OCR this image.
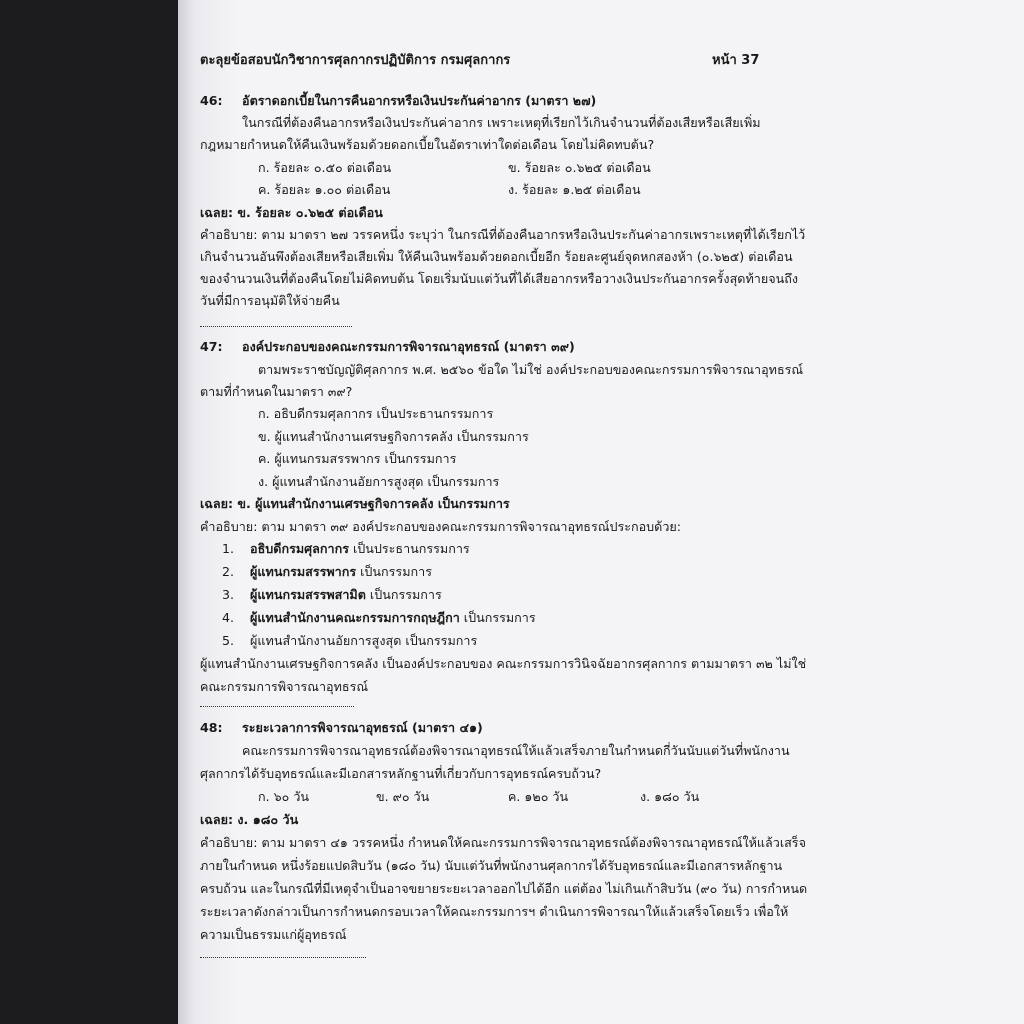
ตะลุยข้อสอบนักวิชาการศุลกากรปฏิบัติการ กรมศุลกากร	หน้า 37
46: อัตราดอกเบี้ยในการคืนอากรหรือเงินประกันค่าอากร (มาตรา ๒๗)
ในกรณีที่ต้องคืนอากรหรือเงินประกันค่าอากร เพราะเหตุที่เรียกไว้เกินจำนวนที่ต้องเสียหรือเสียเพิ่ม
กฎหมายกำหนดให้คืนเงินพร้อมด้วยดอกเบี้ยในอัตราเท่าใดต่อเดือน โดยไม่คิดทบต้น?
ก. ร้อยละ ๐.๕๐ ต่อเดือน	ข. ร้อยละ ๐.๖๒๕ ต่อเดือน
ค. ร้อยละ ๑.๐๐ ต่อเดือน	ง. ร้อยละ ๑.๒๕ ต่อเดือน
เฉลย: ข. ร้อยละ ๐.๖๒๕ ต่อเดือน
คำอธิบาย: ตาม มาตรา ๒๗ วรรคหนึ่ง ระบุว่า ในกรณีที่ต้องคืนอากรหรือเงินประกันค่าอากรเพราะเหตุที่ได้เรียกไว้
เกินจำนวนอันพึงต้องเสียหรือเสียเพิ่ม ให้คืนเงินพร้อมด้วยดอกเบี้ยอีก ร้อยละศูนย์จุดหกสองห้า (๐.๖๒๕) ต่อเดือน
ของจำนวนเงินที่ต้องคืนโดยไม่คิดทบต้น โดยเริ่มนับแต่วันที่ได้เสียอากรหรือวางเงินประกันอากรครั้งสุดท้ายจนถึง
วันที่มีการอนุมัติให้จ่ายคืน
47: องค์ประกอบของคณะกรรมการพิจารณาอุทธรณ์ (มาตรา ๓๙)
ตามพระราชบัญญัติศุลกากร พ.ศ. ๒๕๖๐ ข้อใด ไม่ใช่ องค์ประกอบของคณะกรรมการพิจารณาอุทธรณ์
ตามที่กำหนดในมาตรา ๓๙?
ก. อธิบดีกรมศุลกากร เป็นประธานกรรมการ
ข. ผู้แทนสำนักงานเศรษฐกิจการคลัง เป็นกรรมการ
ค. ผู้แทนกรมสรรพากร เป็นกรรมการ
ง. ผู้แทนสำนักงานอัยการสูงสุด เป็นกรรมการ
เฉลย: ข. ผู้แทนสำนักงานเศรษฐกิจการคลัง เป็นกรรมการ
คำอธิบาย: ตาม มาตรา ๓๙ องค์ประกอบของคณะกรรมการพิจารณาอุทธรณ์ประกอบด้วย:
1. อธิบดีกรมศุลกากร เป็นประธานกรรมการ
2. ผู้แทนกรมสรรพากร เป็นกรรมการ
3. ผู้แทนกรมสรรพสามิต เป็นกรรมการ
4. ผู้แทนสำนักงานคณะกรรมการกฤษฎีกา เป็นกรรมการ
5. ผู้แทนสำนักงานอัยการสูงสุด เป็นกรรมการ
ผู้แทนสำนักงานเศรษฐกิจการคลัง เป็นองค์ประกอบของ คณะกรรมการวินิจฉัยอากรศุลกากร ตามมาตรา ๓๒ ไม่ใช่
คณะกรรมการพิจารณาอุทธรณ์
48: ระยะเวลาการพิจารณาอุทธรณ์ (มาตรา ๔๑)
คณะกรรมการพิจารณาอุทธรณ์ต้องพิจารณาอุทธรณ์ให้แล้วเสร็จภายในกำหนดกี่วันนับแต่วันที่พนักงาน
ศุลกากรได้รับอุทธรณ์และมีเอกสารหลักฐานที่เกี่ยวกับการอุทธรณ์ครบถ้วน?
ก. ๖๐ วัน	ข. ๙๐ วัน	ค. ๑๒๐ วัน	ง. ๑๘๐ วัน
เฉลย: ง. ๑๘๐ วัน
คำอธิบาย: ตาม มาตรา ๔๑ วรรคหนึ่ง กำหนดให้คณะกรรมการพิจารณาอุทธรณ์ต้องพิจารณาอุทธรณ์ให้แล้วเสร็จ
ภายในกำหนด หนึ่งร้อยแปดสิบวัน (๑๘๐ วัน) นับแต่วันที่พนักงานศุลกากรได้รับอุทธรณ์และมีเอกสารหลักฐาน
ครบถ้วน และในกรณีที่มีเหตุจำเป็นอาจขยายระยะเวลาออกไปได้อีก แต่ต้อง ไม่เกินเก้าสิบวัน (๙๐ วัน) การกำหนด
ระยะเวลาดังกล่าวเป็นการกำหนดกรอบเวลาให้คณะกรรมการฯ ดำเนินการพิจารณาให้แล้วเสร็จโดยเร็ว เพื่อให้
ความเป็นธรรมแก่ผู้อุทธรณ์
